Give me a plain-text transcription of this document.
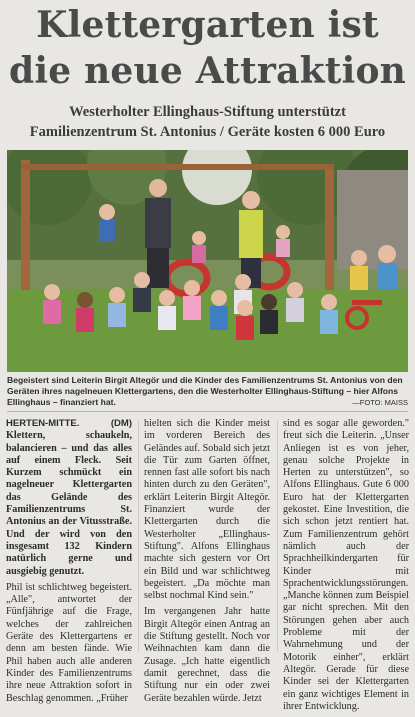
Klettergarten ist
die neue Attraktion
Westerholter Ellinghaus-Stiftung unterstützt
Familienzentrum St. Antonius / Geräte kosten 6 000 Euro
Begeistert sind Leiterin Birgit Altegör und die Kinder des Familienzentrums St. Antonius von den Geräten ihres nagelneuen Klettergartens, den die Westerholter Ellinghaus-Stiftung – hier Alfons Ellinghaus – finanziert hat.	—FOTO: MAISS

HERTEN-MITTE. (DM) Klettern, schaukeln, balancieren – und das alles auf einem Fleck. Seit Kurzem schmückt ein nagelneuer Klettergarten das Gelände des Familienzentrums St. Antonius an der Vitusstraße. Und der wird von den insgesamt 132 Kindern natürlich gerne und ausgiebig genutzt.

Phil ist schlichtweg begeistert. „Alle", antwortet der Fünfjährige auf die Frage, welches der zahlreichen Geräte des Klettergartens er denn am besten fände. Wie Phil haben auch alle anderen Kinder des Familienzentrums ihre neue Attraktion sofort in Beschlag genommen. „Früher

hielten sich die Kinder meist im vorderen Bereich des Geländes auf. Sobald sich jetzt die Tür zum Garten öffnet, rennen fast alle sofort bis nach hinten durch zu den Geräten", erklärt Leiterin Birgit Altegör. Finanziert wurde der Klettergarten durch die Westerholter „Ellinghaus-Stiftung". Alfons Ellinghaus machte sich gestern vor Ort ein Bild und war schlichtweg begeistert. „Da möchte man selbst nochmal Kind sein."

Im vergangenen Jahr hatte Birgit Altegör einen Antrag an die Stiftung gestellt. Noch vor Weihnachten kam dann die Zusage. „Ich hatte eigentlich damit gerechnet, dass die Stiftung nur ein oder zwei Geräte bezahlen würde. Jetzt

sind es sogar alle geworden." freut sich die Leiterin. „Unser Anliegen ist es von jeher, genau solche Projekte in Herten zu unterstützen", so Alfons Ellinghaus. Gute 6 000 Euro hat der Klettergarten gekostet. Eine Investition, die sich schon jetzt rentiert hat. Zum Familienzentrum gehört nämlich auch der Sprachheilkindergarten für Kinder mit Sprachentwicklungsstörungen. „Manche können zum Beispiel gar nicht sprechen. Mit den Störungen gehen aber auch Probleme mit der Wahrnehmung und der Motorik einher", erklärt Altegör. Gerade für diese Kinder sei der Klettergarten ein ganz wichtiges Element in ihrer Entwicklung.
